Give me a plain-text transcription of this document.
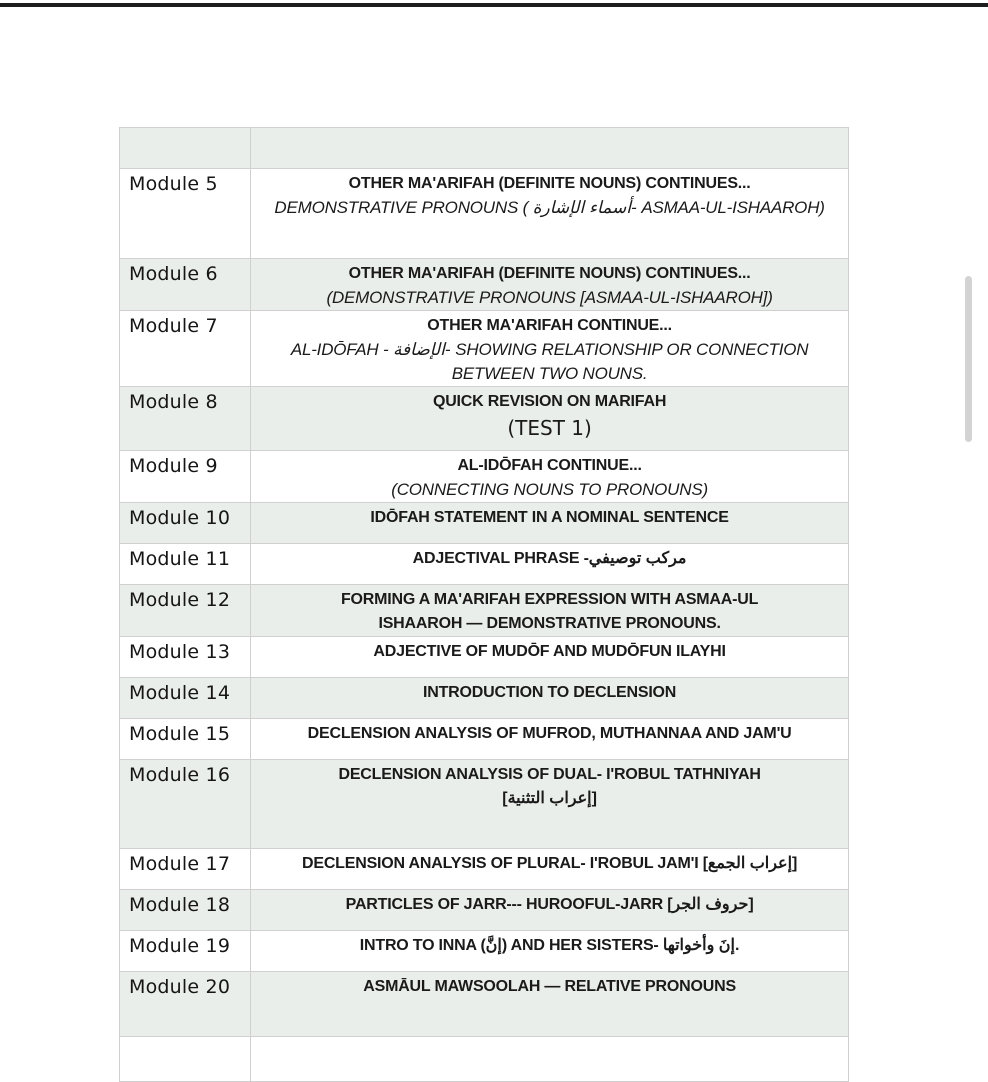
Module 5	OTHER MA'ARIFAH (DEFINITE NOUNS) CONTINUES...
DEMONSTRATIVE PRONOUNS ( أسماء الإشارة- ASMAA-UL-ISHAAROH)

Module 6	OTHER MA'ARIFAH (DEFINITE NOUNS) CONTINUES...
(DEMONSTRATIVE PRONOUNS [ASMAA-UL-ISHAAROH])

Module 7	OTHER MA'ARIFAH CONTINUE...
AL-IDŌFAH - الإضافة- SHOWING RELATIONSHIP OR CONNECTION
BETWEEN TWO NOUNS.

Module 8	QUICK REVISION ON MARIFAH
(TEST 1)

Module 9	AL-IDŌFAH CONTINUE...
(CONNECTING NOUNS TO PRONOUNS)

Module 10	IDŌFAH STATEMENT IN A NOMINAL SENTENCE

Module 11	ADJECTIVAL PHRASE -مركب توصيفي

Module 12	FORMING A MA'ARIFAH EXPRESSION WITH ASMAA-UL
ISHAAROH — DEMONSTRATIVE PRONOUNS.

Module 13	ADJECTIVE OF MUDŌF AND MUDŌFUN ILAYHI

Module 14	INTRODUCTION TO DECLENSION

Module 15	DECLENSION ANALYSIS OF MUFROD, MUTHANNAA AND JAM'U

Module 16	DECLENSION ANALYSIS OF DUAL- I'ROBUL TATHNIYAH
[إعراب التثنية]

Module 17	DECLENSION ANALYSIS OF PLURAL- I'ROBUL JAM'I [إعراب الجمع]

Module 18	PARTICLES OF JARR--- HUROOFUL-JARR [حروف الجر]

Module 19	INTRO TO INNA (إنَّ) AND HER SISTERS- إنَ وأخواتها.

Module 20	ASMĀUL MAWSOOLAH — RELATIVE PRONOUNS
